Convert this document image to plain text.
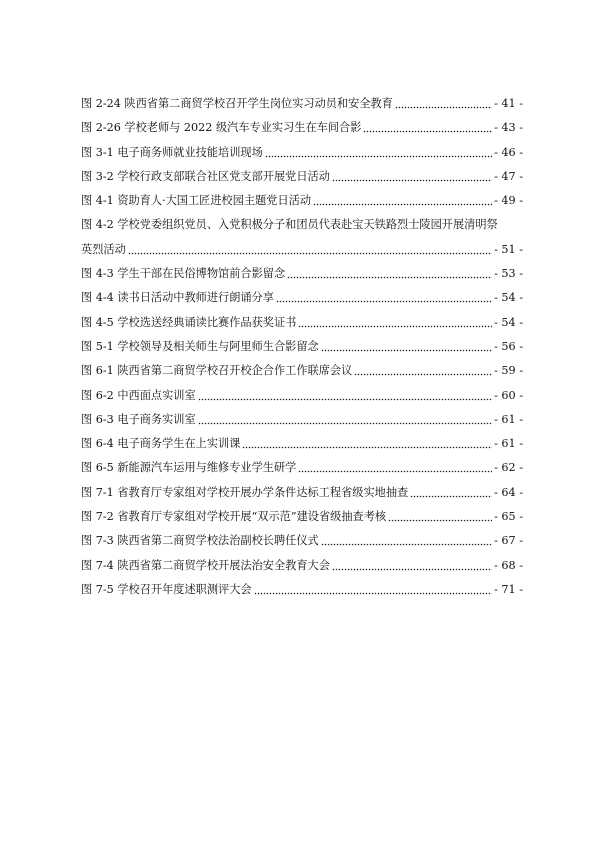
图 2-24 陕西省第二商贸学校召开学生岗位实习动员和安全教育	- 41 -
图 2-26 学校老师与 2022 级汽车专业实习生在车间合影	- 43 -
图 3-1 电子商务师就业技能培训现场	- 46 -
图 3-2 学校行政支部联合社区党支部开展党日活动	- 47 -
图 4-1 资助育人·大国工匠进校园主题党日活动	- 49 -
图 4-2 学校党委组织党员、入党积极分子和团员代表赴宝天铁路烈士陵园开展清明祭
英烈活动	- 51 -
图 4-3 学生干部在民俗博物馆前合影留念	- 53 -
图 4-4 读书日活动中教师进行朗诵分享	- 54 -
图 4-5 学校选送经典诵读比赛作品获奖证书	- 54 -
图 5-1 学校领导及相关师生与阿里师生合影留念	- 56 -
图 6-1 陕西省第二商贸学校召开校企合作工作联席会议	- 59 -
图 6-2 中西面点实训室	- 60 -
图 6-3 电子商务实训室	- 61 -
图 6-4 电子商务学生在上实训课	- 61 -
图 6-5 新能源汽车运用与维修专业学生研学	- 62 -
图 7-1 省教育厅专家组对学校开展办学条件达标工程省级实地抽查	- 64 -
图 7-2 省教育厅专家组对学校开展“双示范”建设省级抽查考核	- 65 -
图 7-3 陕西省第二商贸学校法治副校长聘任仪式	- 67 -
图 7-4 陕西省第二商贸学校开展法治安全教育大会	- 68 -
图 7-5 学校召开年度述职测评大会	- 71 -
